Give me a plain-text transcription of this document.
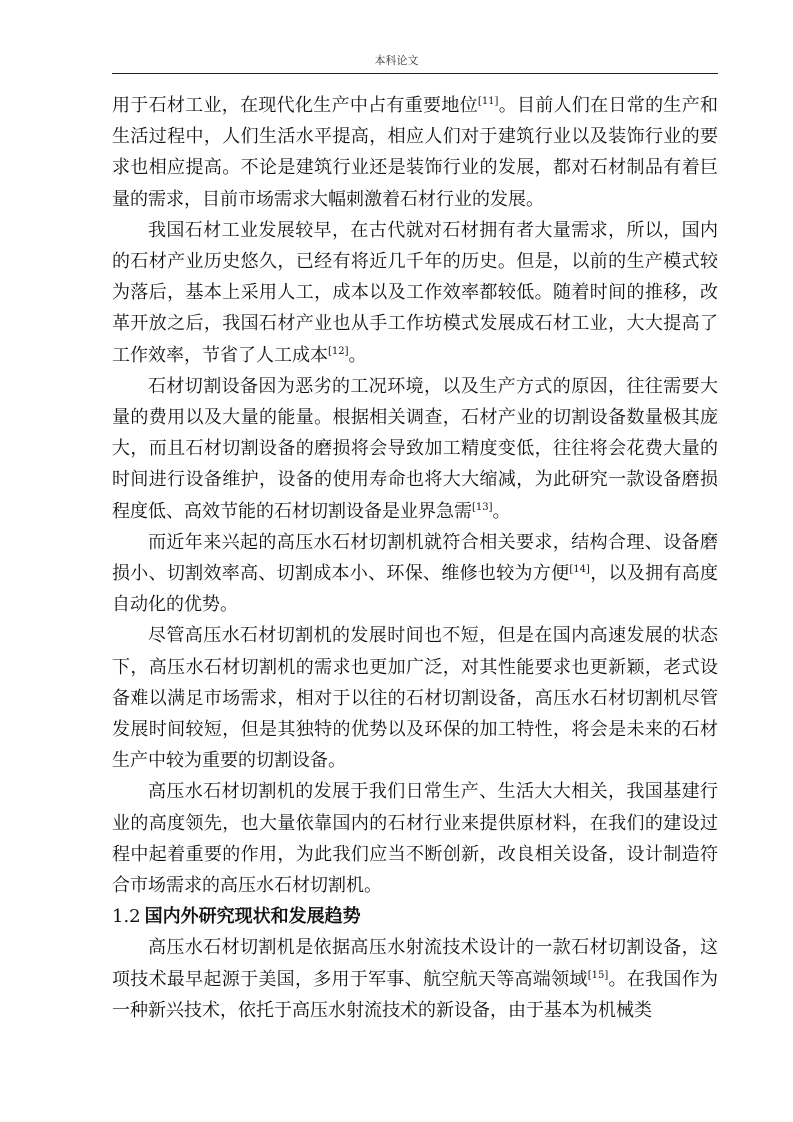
本科论文

用于石材工业，在现代化生产中占有重要地位[11]。目前人们在日常的生产和生活过程中，人们生活水平提高，相应人们对于建筑行业以及装饰行业的要求也相应提高。不论是建筑行业还是装饰行业的发展，都对石材制品有着巨量的需求，目前市场需求大幅刺激着石材行业的发展。

我国石材工业发展较早，在古代就对石材拥有者大量需求，所以，国内的石材产业历史悠久，已经有将近几千年的历史。但是，以前的生产模式较为落后，基本上采用人工，成本以及工作效率都较低。随着时间的推移，改革开放之后，我国石材产业也从手工作坊模式发展成石材工业，大大提高了工作效率，节省了人工成本[12]。

石材切割设备因为恶劣的工况环境，以及生产方式的原因，往往需要大量的费用以及大量的能量。根据相关调查，石材产业的切割设备数量极其庞大，而且石材切割设备的磨损将会导致加工精度变低，往往将会花费大量的时间进行设备维护，设备的使用寿命也将大大缩减，为此研究一款设备磨损程度低、高效节能的石材切割设备是业界急需[13]。

而近年来兴起的高压水石材切割机就符合相关要求，结构合理、设备磨损小、切割效率高、切割成本小、环保、维修也较为方便[14]，以及拥有高度自动化的优势。

尽管高压水石材切割机的发展时间也不短，但是在国内高速发展的状态下，高压水石材切割机的需求也更加广泛，对其性能要求也更新颖，老式设备难以满足市场需求，相对于以往的石材切割设备，高压水石材切割机尽管发展时间较短，但是其独特的优势以及环保的加工特性，将会是未来的石材生产中较为重要的切割设备。

高压水石材切割机的发展于我们日常生产、生活大大相关，我国基建行业的高度领先，也大量依靠国内的石材行业来提供原材料，在我们的建设过程中起着重要的作用，为此我们应当不断创新，改良相关设备，设计制造符合市场需求的高压水石材切割机。

1.2 国内外研究现状和发展趋势

高压水石材切割机是依据高压水射流技术设计的一款石材切割设备，这项技术最早起源于美国，多用于军事、航空航天等高端领域[15]。在我国作为一种新兴技术，依托于高压水射流技术的新设备，由于基本为机械类
